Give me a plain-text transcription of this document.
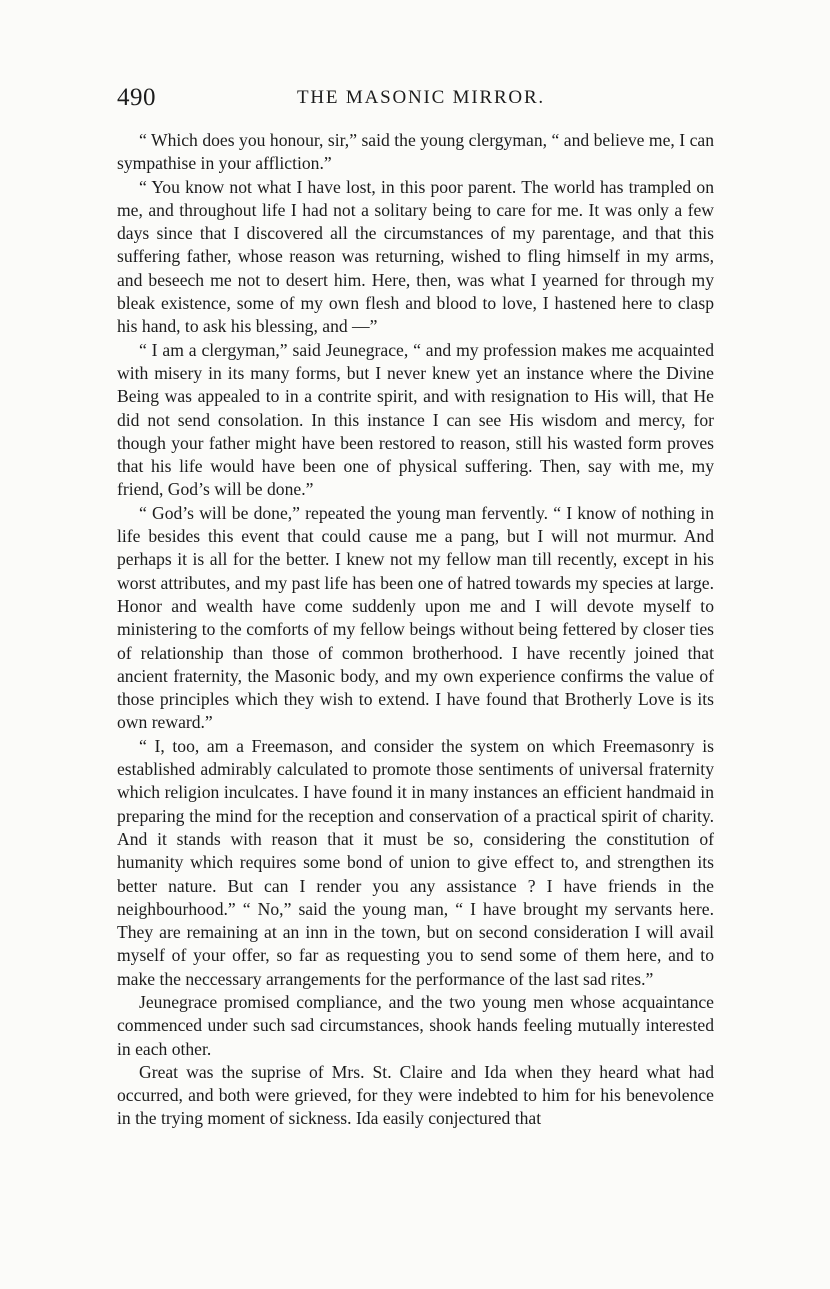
490	THE MASONIC MIRROR.

“ Which does you honour, sir,” said the young clergyman, “ and believe me, I can sympathise in your affliction.”

“ You know not what I have lost, in this poor parent. The world has trampled on me, and throughout life I had not a solitary being to care for me. It was only a few days since that I discovered all the circumstances of my parentage, and that this suffering father, whose reason was returning, wished to fling himself in my arms, and beseech me not to desert him. Here, then, was what I yearned for through my bleak existence, some of my own flesh and blood to love, I hastened here to clasp his hand, to ask his blessing, and —”

“ I am a clergyman,” said Jeunegrace, “ and my profession makes me acquainted with misery in its many forms, but I never knew yet an instance where the Divine Being was appealed to in a contrite spirit, and with resignation to His will, that He did not send consolation. In this instance I can see His wisdom and mercy, for though your father might have been restored to reason, still his wasted form proves that his life would have been one of physical suffering. Then, say with me, my friend, God’s will be done.”

“ God’s will be done,” repeated the young man fervently. “ I know of nothing in life besides this event that could cause me a pang, but I will not murmur. And perhaps it is all for the better. I knew not my fellow man till recently, except in his worst attributes, and my past life has been one of hatred towards my species at large. Honor and wealth have come suddenly upon me and I will devote myself to ministering to the comforts of my fellow beings without being fettered by closer ties of relationship than those of common brotherhood. I have recently joined that ancient fraternity, the Masonic body, and my own experience confirms the value of those principles which they wish to extend. I have found that Brotherly Love is its own reward.”

“ I, too, am a Freemason, and consider the system on which Freemasonry is established admirably calculated to promote those sentiments of universal fraternity which religion inculcates. I have found it in many instances an efficient handmaid in preparing the mind for the reception and conservation of a practical spirit of charity. And it stands with reason that it must be so, considering the constitution of humanity which requires some bond of union to give effect to, and strengthen its better nature. But can I render you any assistance ? I have friends in the neighbourhood.” “ No,” said the young man, “ I have brought my servants here. They are remaining at an inn in the town, but on second consideration I will avail myself of your offer, so far as requesting you to send some of them here, and to make the neccessary arrangements for the performance of the last sad rites.”

Jeunegrace promised compliance, and the two young men whose acquaintance commenced under such sad circumstances, shook hands feeling mutually interested in each other.

Great was the suprise of Mrs. St. Claire and Ida when they heard what had occurred, and both were grieved, for they were indebted to him for his benevolence in the trying moment of sickness. Ida easily conjectured that
